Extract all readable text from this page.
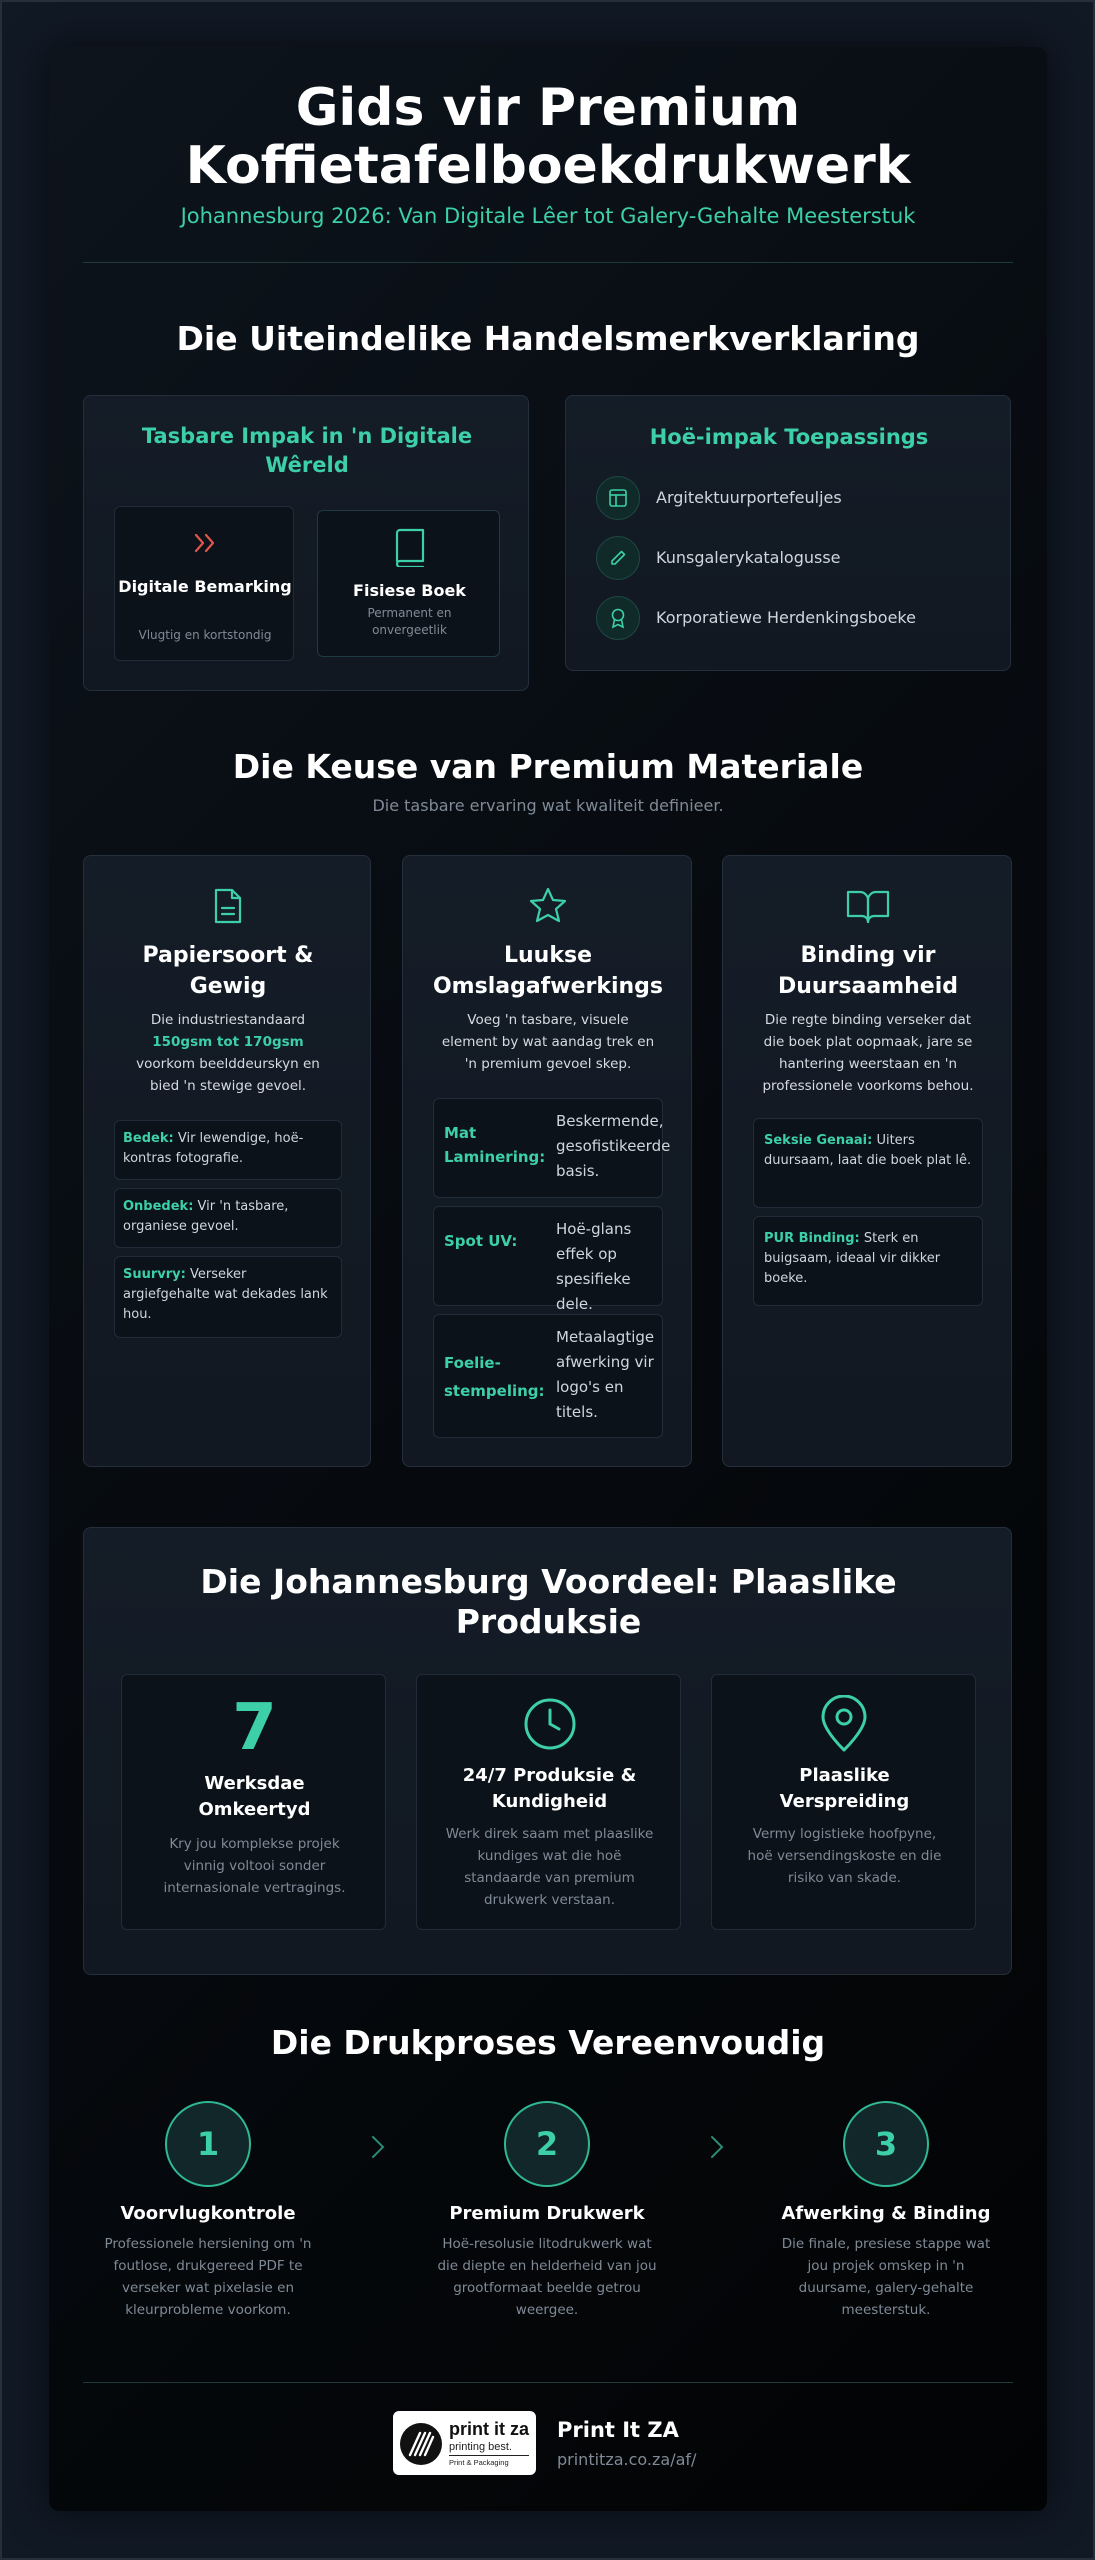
Gids vir Premium
Koffietafelboekdrukwerk
Johannesburg 2026: Van Digitale Lêer tot Galery-Gehalte Meesterstuk
Die Uiteindelike Handelsmerkverklaring
Tasbare Impak in 'n Digitale Wêreld
Digitale Bemarking
Vlugtig en kortstondig
Fisiese Boek
Permanent en onvergeetlik
Hoë-impak Toepassings
Argitektuurportefeuljes
Kunsgalerykatalogusse
Korporatiewe Herdenkingsboeke
Die Keuse van Premium Materiale
Die tasbare ervaring wat kwaliteit definieer.
Papiersoort &
Gewig
Die industriestandaard
150gsm tot 170gsm voorkom beelddeurskyn en bied 'n stewige gevoel.
Bedek: Vir lewendige, hoë-kontras fotografie.
Onbedek: Vir 'n tasbare, organiese gevoel.
Suurvry: Verseker argiefgehalte wat dekades lank hou.
Luukse
Omslagafwerkings
Voeg 'n tasbare, visuele element by wat aandag trek en 'n premium gevoel skep.
Mat Laminering:
Beskermende, gesofistikeerde basis.
Spot UV:
Hoë-glans effek op spesifieke dele.
Foelie-stempeling:
Metaalagtige afwerking vir logo's en titels.
Binding vir
Duursaamheid
Die regte binding verseker dat die boek plat oopmaak, jare se hantering weerstaan en 'n professionele voorkoms behou.
Seksie Genaai: Uiters duursaam, laat die boek plat lê.
PUR Binding: Sterk en buigsaam, ideaal vir dikker boeke.
Die Johannesburg Voordeel: Plaaslike
Produksie
7
Werksdae
Omkeertyd
Kry jou komplekse projek vinnig voltooi sonder internasionale vertragings.
24/7 Produksie &
Kundigheid
Werk direk saam met plaaslike kundiges wat die hoë standaarde van premium drukwerk verstaan.
Plaaslike
Verspreiding
Vermy logistieke hoofpyne, hoë versendingskoste en die risiko van skade.
Die Drukproses Vereenvoudig
1
Voorvlugkontrole
Professionele hersiening om 'n foutlose, drukgereed PDF te verseker wat pixelasie en kleurprobleme voorkom.
2
Premium Drukwerk
Hoë-resolusie litodrukwerk wat die diepte en helderheid van jou grootformaat beelde getrou weergee.
3
Afwerking & Binding
Die finale, presiese stappe wat jou projek omskep in 'n duursame, galery-gehalte meesterstuk.
print it za
printing best.
Print & Packaging
Print It ZA
printitza.co.za/af/
